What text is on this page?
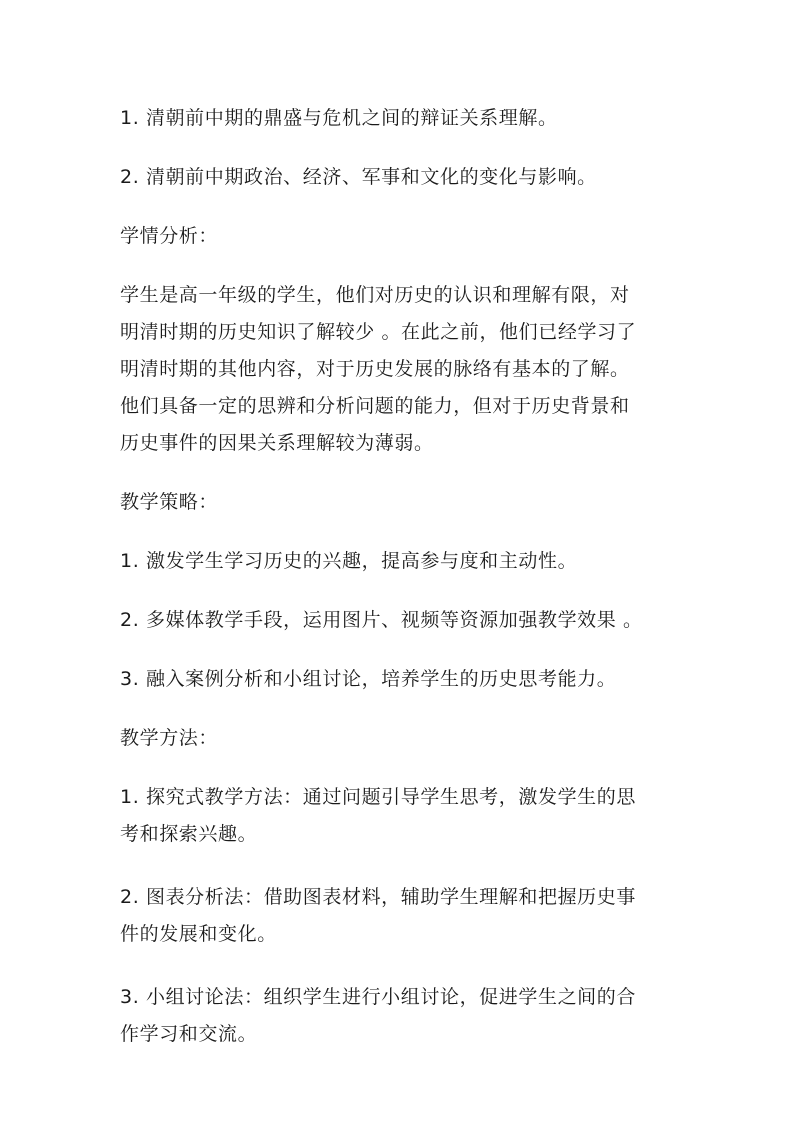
1. 清朝前中期的鼎盛与危机之间的辩证关系理解。

2. 清朝前中期政治、经济、军事和文化的变化与影响。

学情分析：

学生是高一年级的学生，他们对历史的认识和理解有限，对
明清时期的历史知识了解较少 。在此之前，他们已经学习了
明清时期的其他内容，对于历史发展的脉络有基本的了解。
他们具备一定的思辨和分析问题的能力，但对于历史背景和
历史事件的因果关系理解较为薄弱。

教学策略：

1. 激发学生学习历史的兴趣，提高参与度和主动性。

2. 多媒体教学手段，运用图片、视频等资源加强教学效果 。

3. 融入案例分析和小组讨论，培养学生的历史思考能力。

教学方法：

1. 探究式教学方法：通过问题引导学生思考，激发学生的思
考和探索兴趣。

2. 图表分析法：借助图表材料，辅助学生理解和把握历史事
件的发展和变化。

3. 小组讨论法：组织学生进行小组讨论，促进学生之间的合
作学习和交流。
